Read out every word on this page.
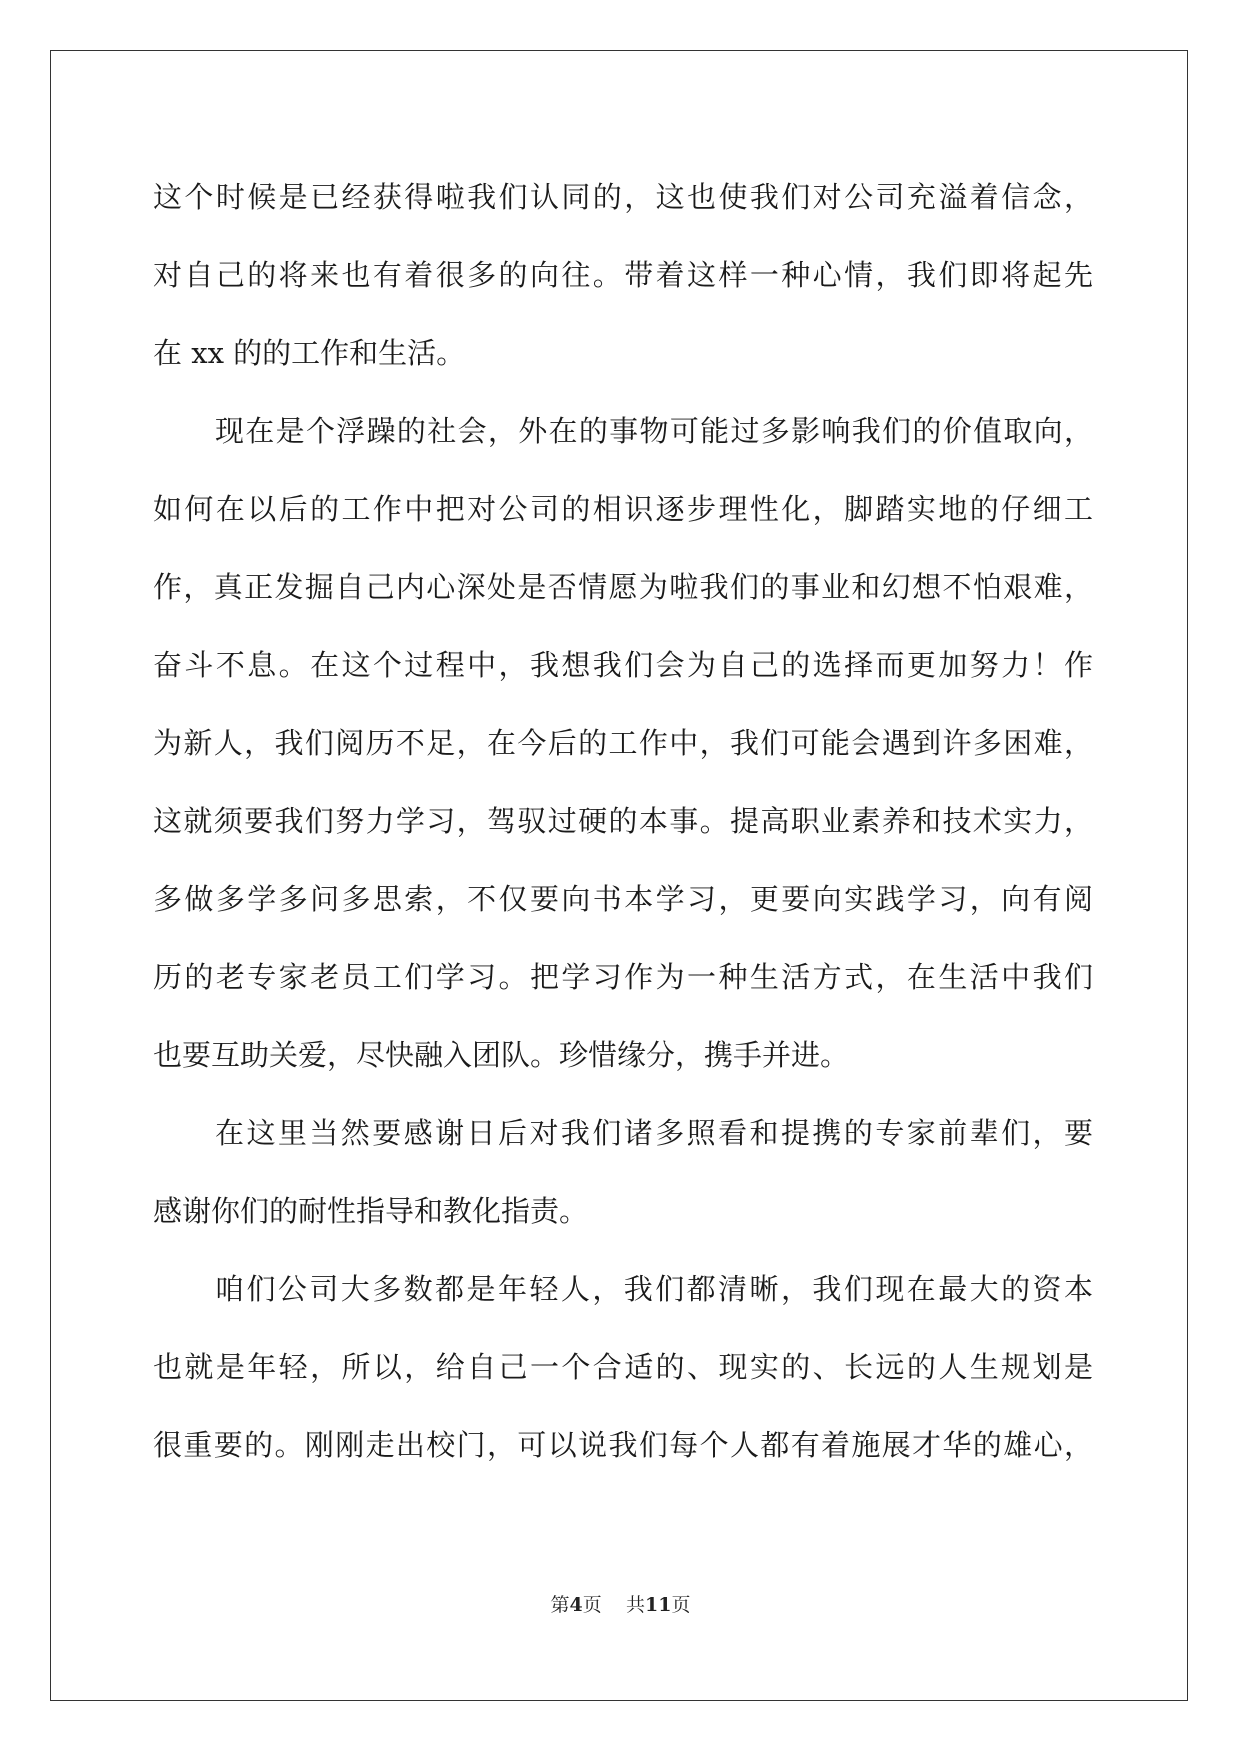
这个时候是已经获得啦我们认同的，这也使我们对公司充溢着信念，
对自己的将来也有着很多的向往。带着这样一种心情，我们即将起先
在 xx 的的工作和生活。
现在是个浮躁的社会，外在的事物可能过多影响我们的价值取向，
如何在以后的工作中把对公司的相识逐步理性化，脚踏实地的仔细工
作，真正发掘自己内心深处是否情愿为啦我们的事业和幻想不怕艰难，
奋斗不息。在这个过程中，我想我们会为自己的选择而更加努力！作
为新人，我们阅历不足，在今后的工作中，我们可能会遇到许多困难，
这就须要我们努力学习，驾驭过硬的本事。提高职业素养和技术实力，
多做多学多问多思索，不仅要向书本学习，更要向实践学习，向有阅
历的老专家老员工们学习。把学习作为一种生活方式，在生活中我们
也要互助关爱，尽快融入团队。珍惜缘分，携手并进。
在这里当然要感谢日后对我们诸多照看和提携的专家前辈们，要
感谢你们的耐性指导和教化指责。
咱们公司大多数都是年轻人，我们都清晰，我们现在最大的资本
也就是年轻，所以，给自己一个合适的、现实的、长远的人生规划是
很重要的。刚刚走出校门，可以说我们每个人都有着施展才华的雄心，
第4页 共11页
